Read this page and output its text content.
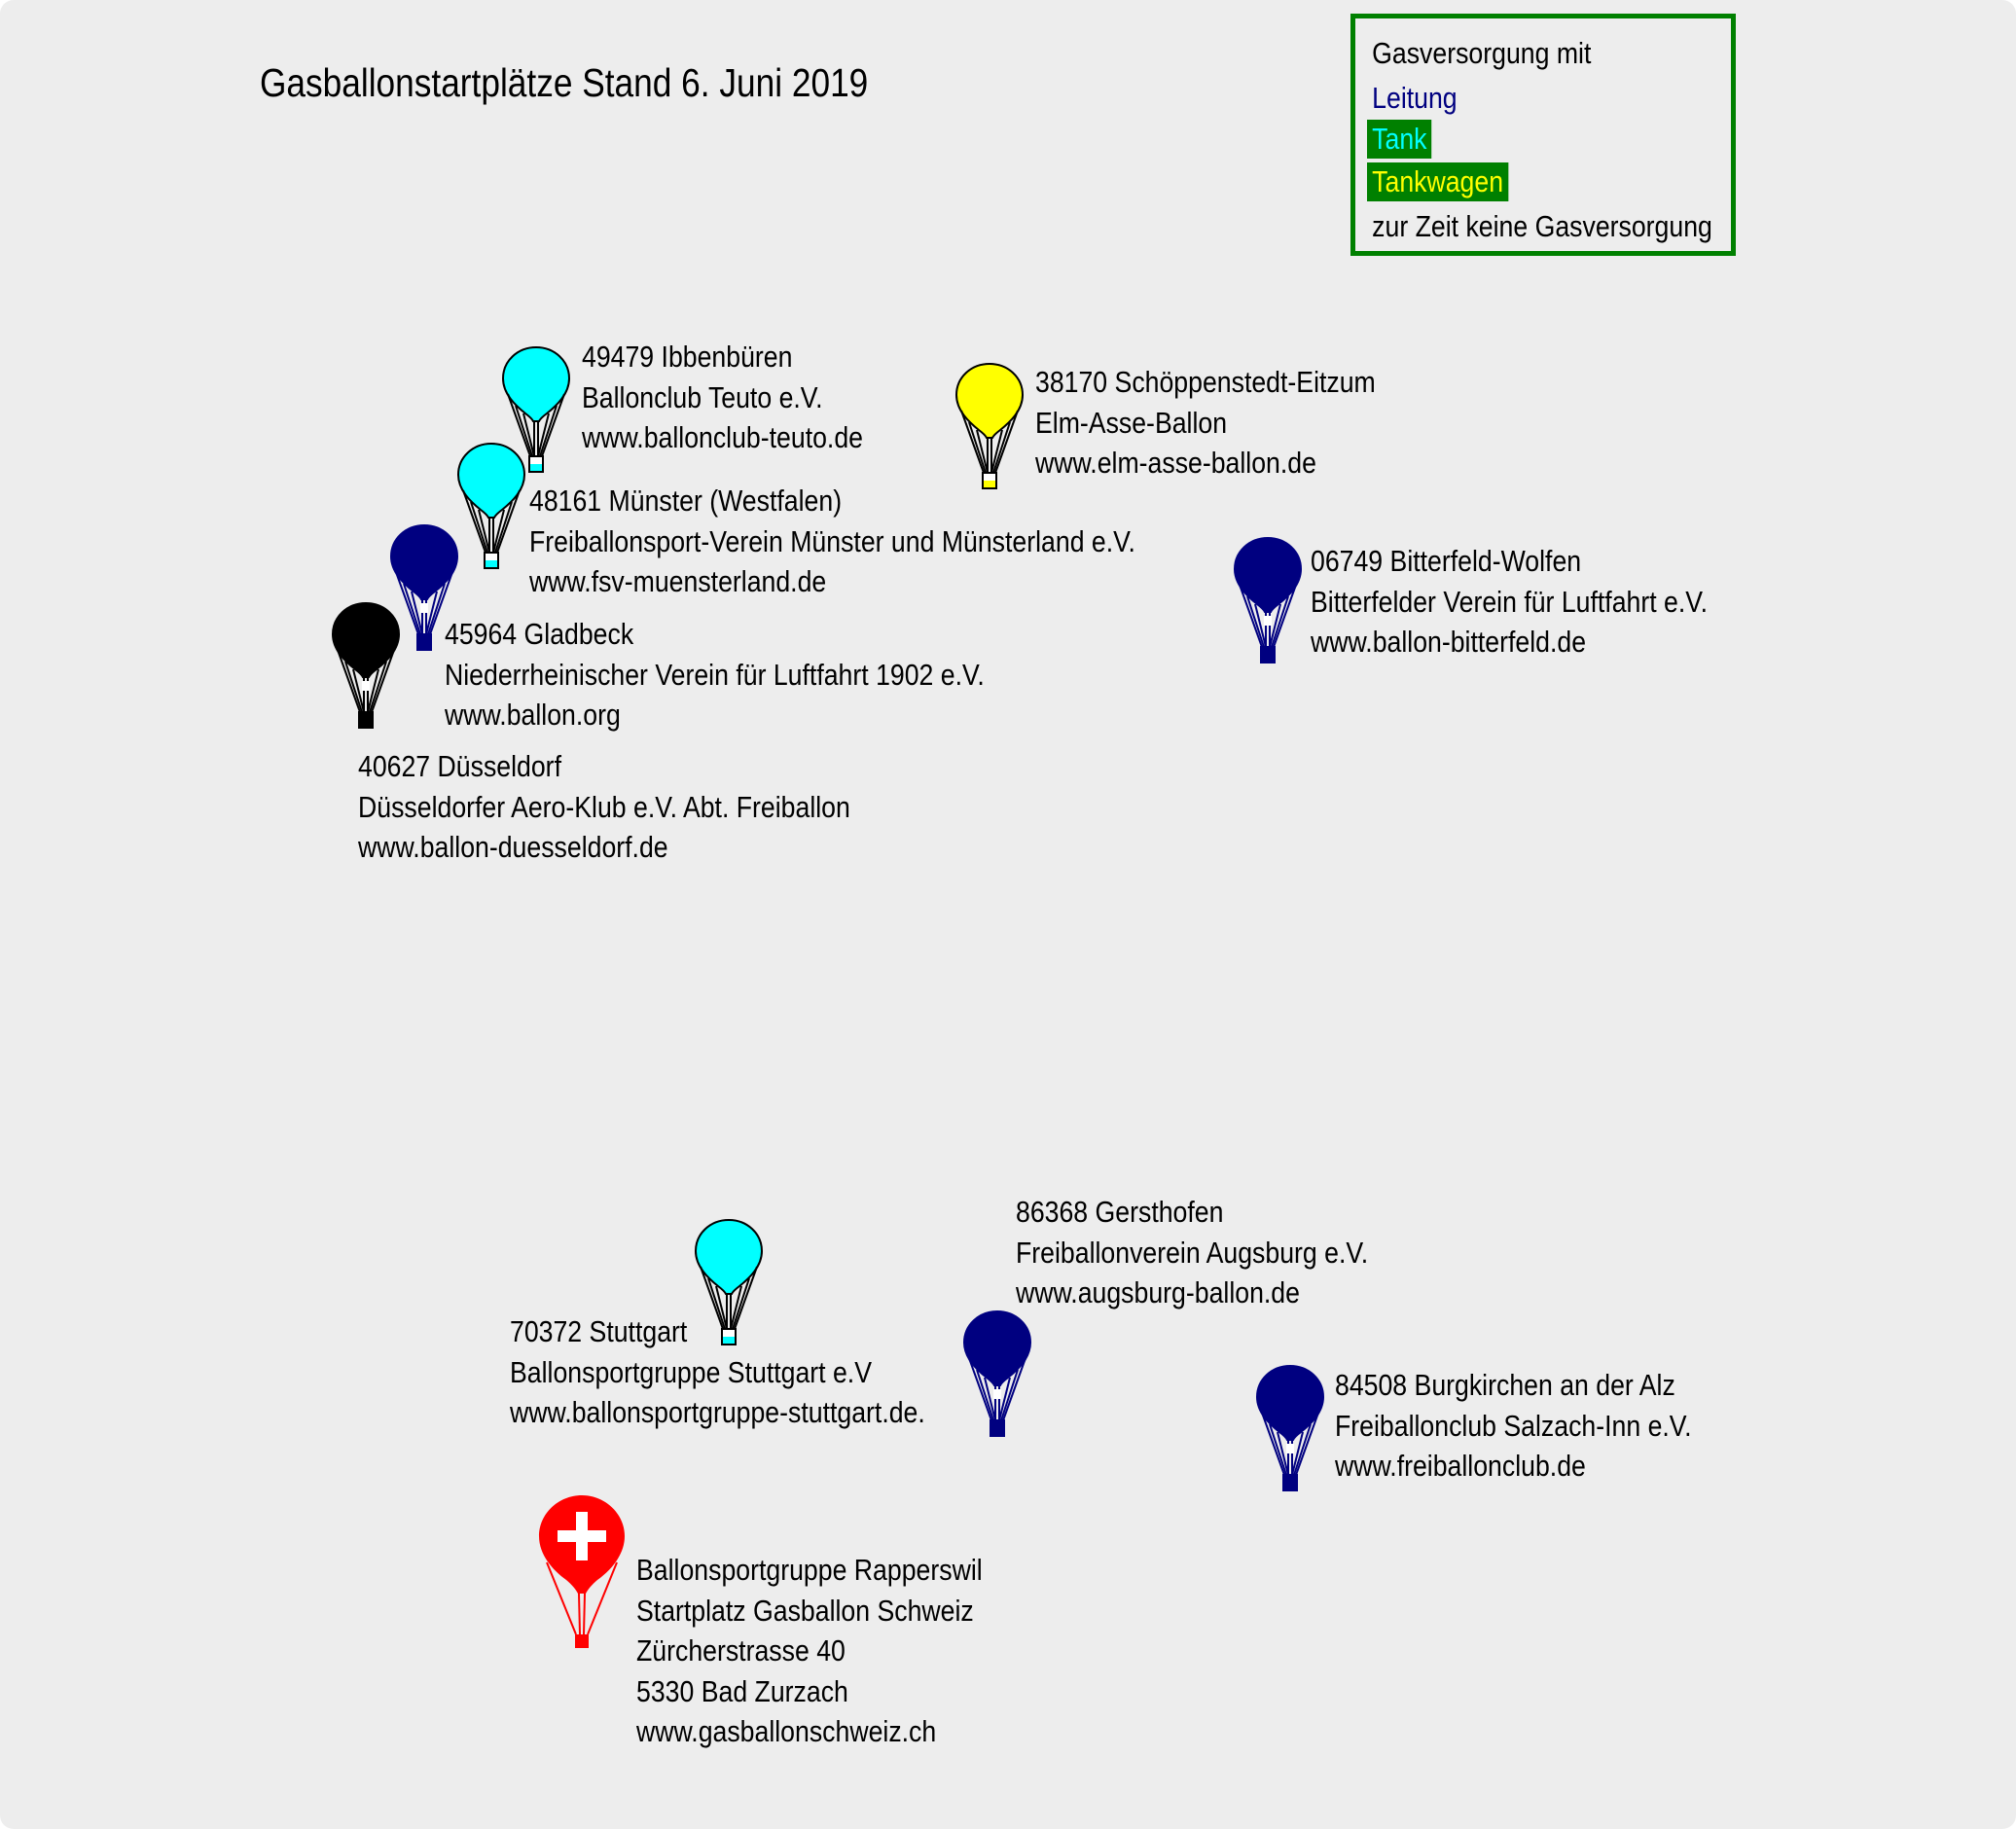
Gasballonstartplätze Stand 6. Juni 2019
Gasversorgung mit
Leitung
Tank
Tankwagen
zur Zeit keine Gasversorgung
49479 Ibbenbüren
Ballonclub Teuto e.V.
www.ballonclub-teuto.de
38170 Schöppenstedt-Eitzum
Elm-Asse-Ballon
www.elm-asse-ballon.de
48161 Münster (Westfalen)
Freiballonsport-Verein Münster und Münsterland e.V.
www.fsv-muensterland.de
06749 Bitterfeld-Wolfen
Bitterfelder Verein für Luftfahrt e.V.
www.ballon-bitterfeld.de
45964 Gladbeck
Niederrheinischer Verein für Luftfahrt 1902 e.V.
www.ballon.org
40627 Düsseldorf
Düsseldorfer Aero-Klub e.V. Abt. Freiballon
www.ballon-duesseldorf.de
86368 Gersthofen
Freiballonverein Augsburg e.V.
www.augsburg-ballon.de
70372 Stuttgart
Ballonsportgruppe Stuttgart e.V
www.ballonsportgruppe-stuttgart.de.
84508 Burgkirchen an der Alz
Freiballonclub Salzach-Inn e.V.
www.freiballonclub.de
Ballonsportgruppe Rapperswil
Startplatz Gasballon Schweiz
Zürcherstrasse 40
5330 Bad Zurzach
www.gasballonschweiz.ch
